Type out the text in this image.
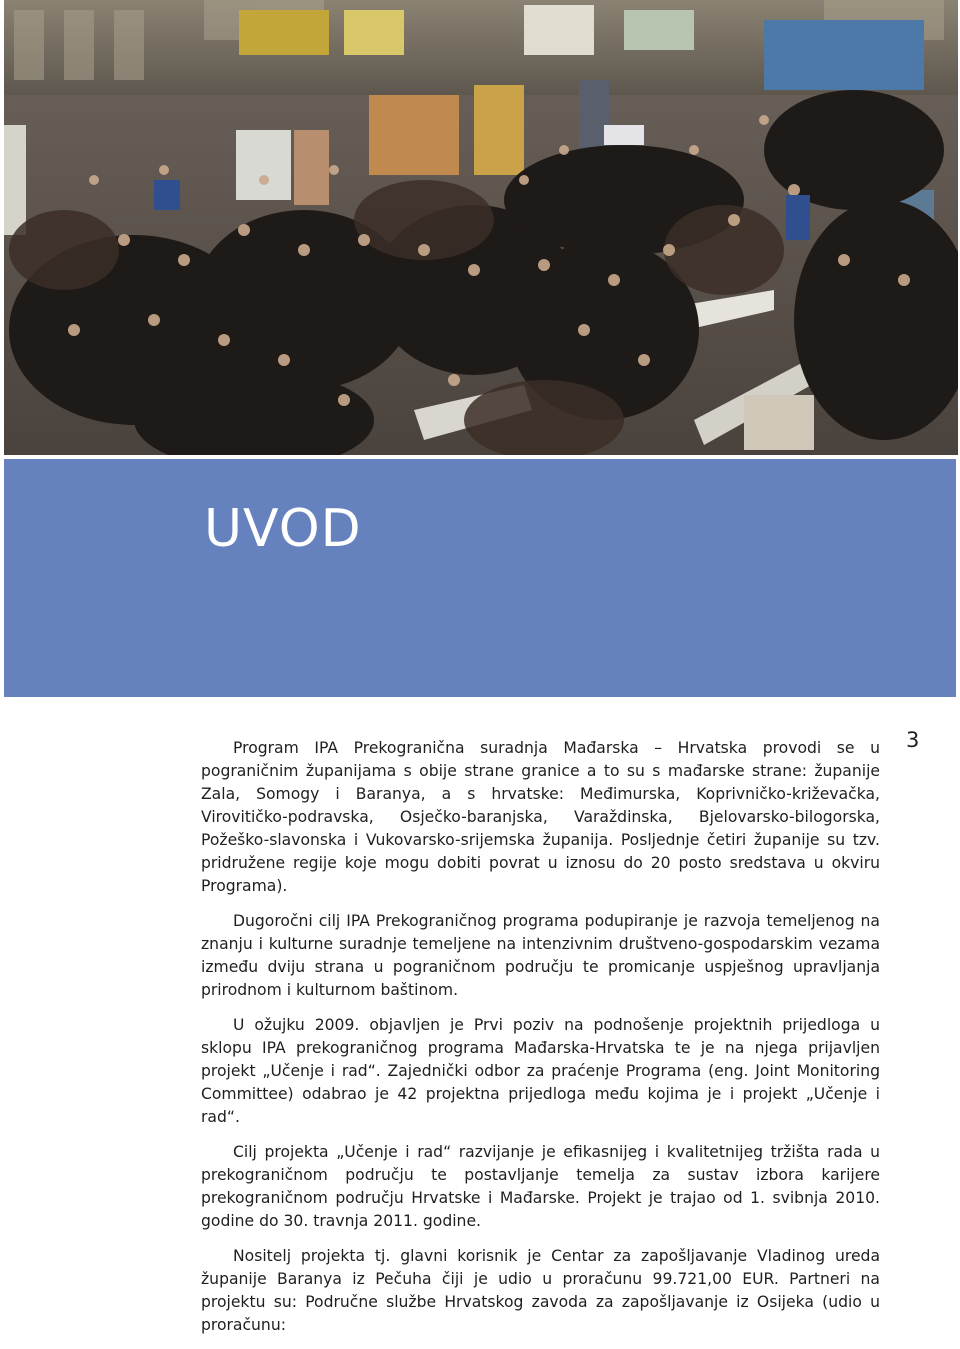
UVOD
3

Program IPA Prekogranična suradnja Mađarska – Hrvatska provodi se u pograničnim županijama s obije strane granice a to su s mađarske strane: županije Zala, Somogy i Baranya, a s hrvatske: Međimurska, Koprivničko-križevačka, Virovitičko-podravska, Osječko-baranjska, Varaždinska, Bjelovarsko-bilogorska, Požeško-slavonska i Vukovarsko-srijemska županija. Posljednje četiri županije su tzv. pridružene regije koje mogu dobiti povrat u iznosu do 20 posto sredstava u okviru Programa).

Dugoročni cilj IPA Prekograničnog programa podupiranje je razvoja temeljenog na znanju i kulturne suradnje temeljene na intenzivnim društveno-gospodarskim vezama između dviju strana u pograničnom području te promicanje uspješnog upravljanja prirodnom i kulturnom baštinom.

U ožujku 2009. objavljen je Prvi poziv na podnošenje projektnih prijedloga u sklopu IPA prekograničnog programa Mađarska-Hrvatska te je na njega prijavljen projekt „Učenje i rad“. Zajednički odbor za praćenje Programa (eng. Joint Monitoring Committee) odabrao je 42 projektna prijedloga među kojima je i projekt „Učenje i rad“.

Cilj projekta „Učenje i rad“ razvijanje je efikasnijeg i kvalitetnijeg tržišta rada u prekograničnom području te postavljanje temelja za sustav izbora karijere prekograničnom području Hrvatske i Mađarske. Projekt je trajao od 1. svibnja 2010. godine do 30. travnja 2011. godine.

Nositelj projekta tj. glavni korisnik je Centar za zapošljavanje Vladinog ureda županije Baranya iz Pečuha čiji je udio u proračunu 99.721,00 EUR. Partneri na projektu su: Područne službe Hrvatskog zavoda za zapošljavanje iz Osijeka (udio u proračunu:
